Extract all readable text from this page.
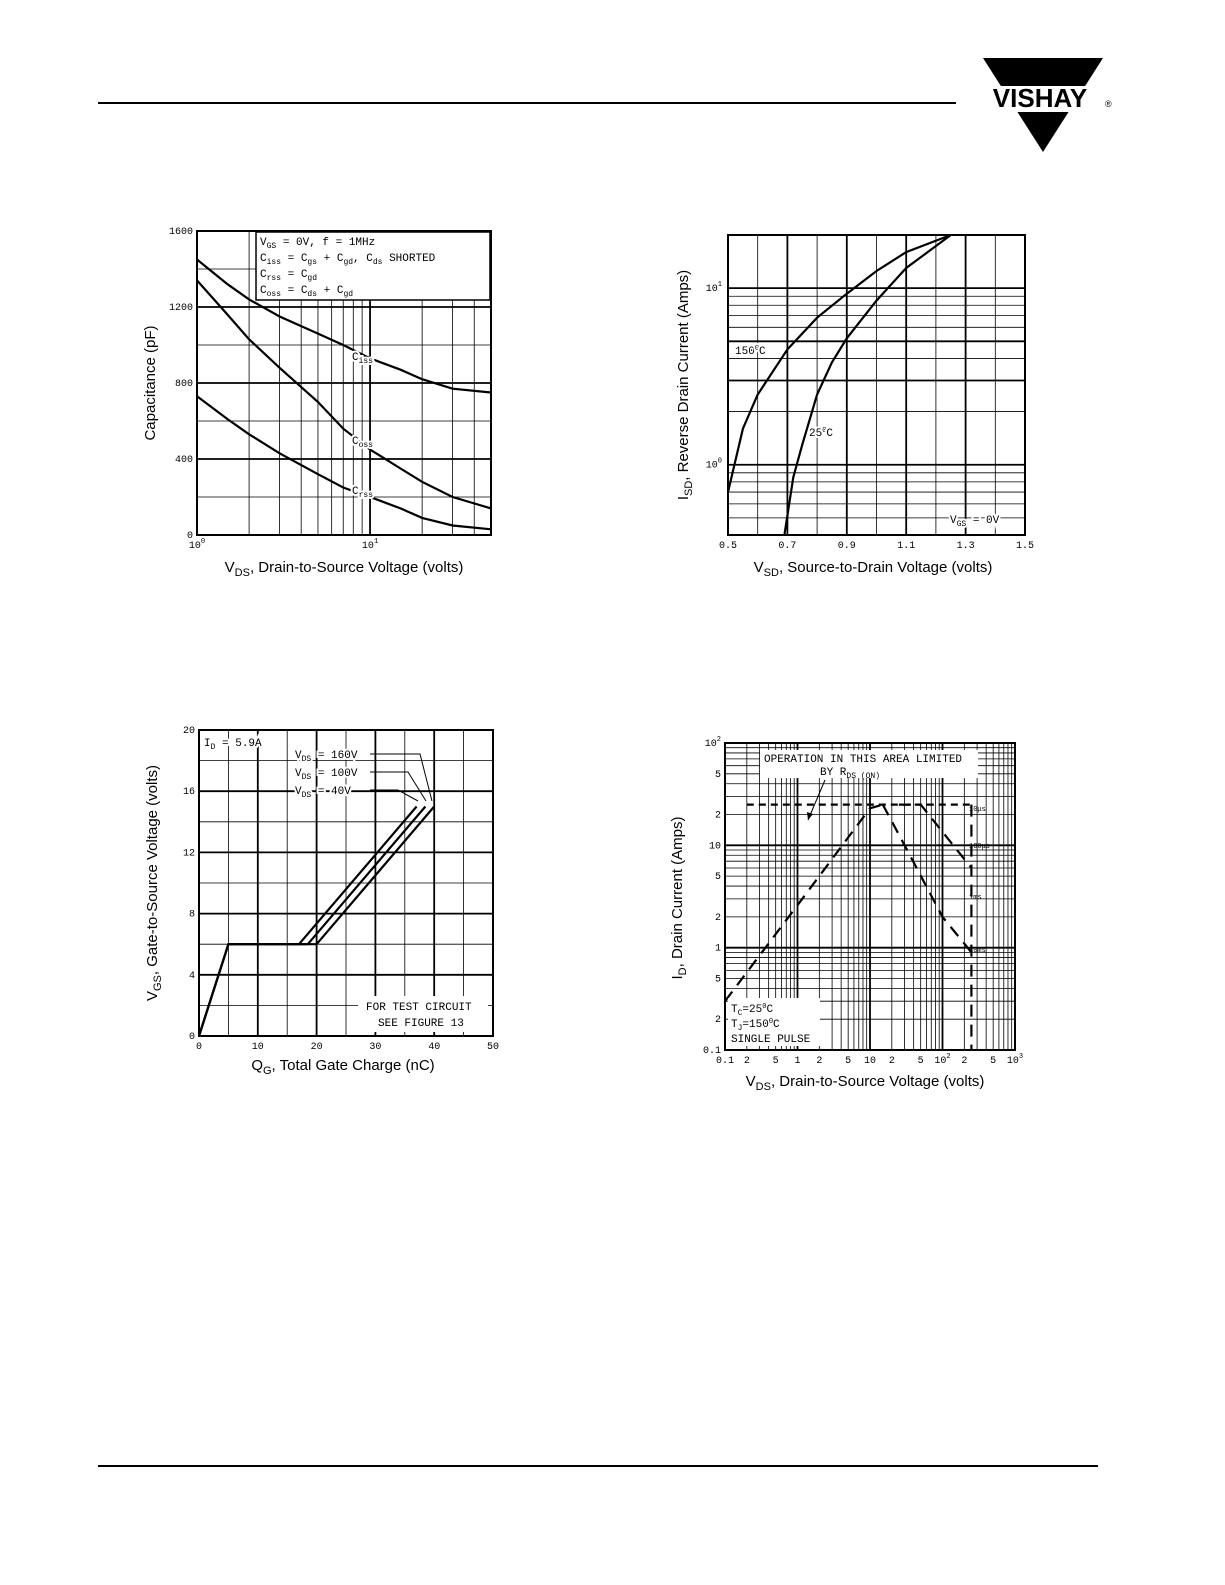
VISHAY ®
$V_{GS} = 0V$, f = 1MHz
$C_{iss} = C_{gs} + C_{gd}$, $C_{ds}$ SHORTED
$C_{rss} = C_{gd}$
$C_{oss} = C_{ds} + C_{gd}$
$C_{iss}$
$C_{oss}$
$C_{rss}$
0
400
800
1200
1600
$10^0$	$10^1$
$V_{DS}$, Drain-to-Source Voltage (volts)
Capacitance (pF)	$150^0C$
$25^0C$
$V_{GS} = 0V$
0.5	0.7	0.9	1.1	1.3	1.5
$10^0$
$10^1$
$V_{SD}$, Source-to-Drain Voltage (volts)
$I_{SD}$, Reverse Drain Current (Amps)
$I_D = 5.9A$
$V_{DS} = 160V$
$V_{DS} = 100V$
$V_{DS} = 40V$
FOR TEST CIRCUIT
SEE FIGURE 13
0	10	20	30	40	50
0
4
8
12
16
20
$Q_G$, Total Gate Charge (nC)
$V_{GS}$, Gate-to-Source Voltage (volts)
OPERATION IN THIS AREA LIMITED
BY $R_{DS (ON)}$
10μs
100μs
1ms
10ms
$T_C=25^0C$
$T_J=150^0C$
SINGLE PULSE
0.1 2 5 1 2 5 10 2 5 $10^2$ 2 5 $10^3$
0.1
2
5
1
2
5
10
2
5
$10^2$
$V_{DS}$, Drain-to-Source Voltage (volts)
$I_D$, Drain Current (Amps)
